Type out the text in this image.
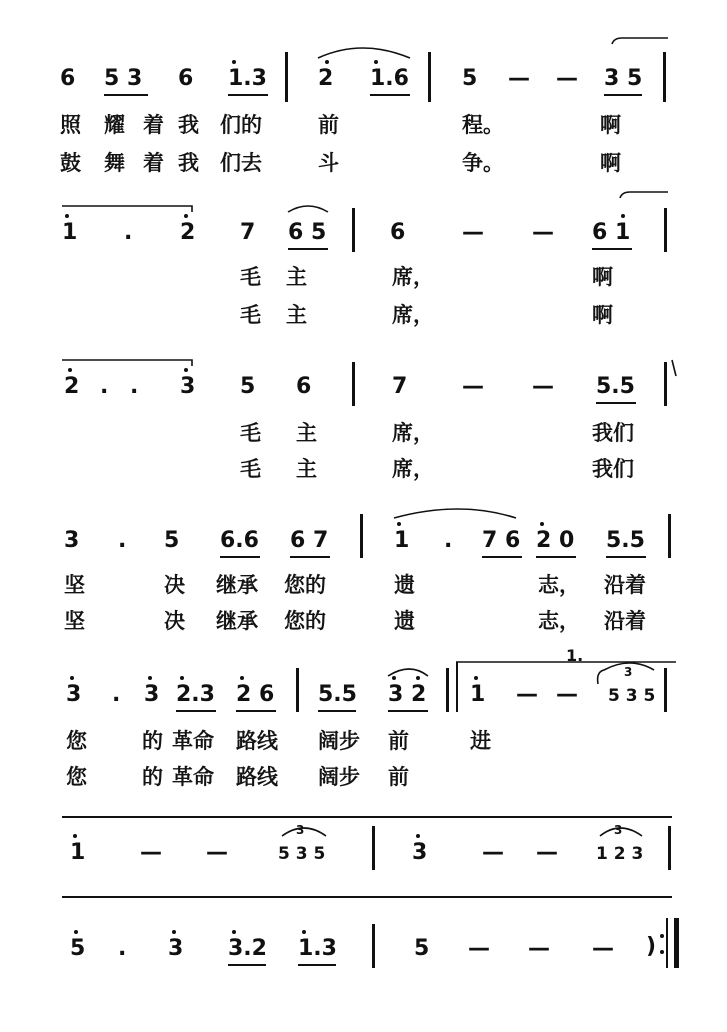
6 5 3 6 1.3 2 1.6 5 — — 3 5
照 耀 着 我 们的	前	程。	啊
鼓 舞 着 我 们去	斗	争。	啊
1 . 2 7 6 5	6	— — 6 1
毛 主	席，	啊
毛 主	席，	啊
2 . . 3 5 6	7 — — 5.5
毛 主	席，	我们
毛 主	席，	我们
3 . 5 6.6 6 7	1 . 7 6 2 0 5.5
坚	决 继承 您的	遗	志， 沿着
坚	决 继承 您的	遗	志， 沿着
3 . 3 2.3 2 6 5.5 3 2
1.
1 — — 5 3 5
3
您	的 革命 路线 阔步 前	进
您	的 革命 路线 阔步 前
1 — —	5 3 5
3
3 — — 1 2 3
3
5 . 3 3.2 1.3	5 — — — )
